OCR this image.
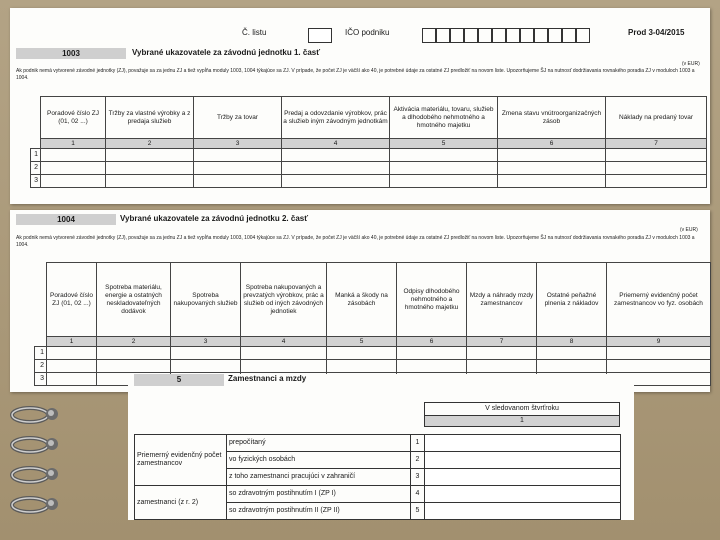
Č. listu	IČO podniku	Prod 3-04/2015
1003	Vybrané ukazovatele za závodnú jednotku 1. časť
(v EUR)
Ak podnik nemá vytvorené závodné jednotky (ZJ), považuje sa za jednu ZJ a tiež vypĺňa moduly 1003, 1004 týkajúce sa ZJ. V prípade, že počet ZJ je väčší ako 40, je potrebné údaje za ostatné ZJ predložiť na novom liste. Upozorňujeme ŠJ na nutnosť dodržiavania rovnakého poradia ZJ v moduloch 1003 a 1004.
	Poradové číslo ZJ (01, 02 ...)	Tržby za vlastné výrobky a z predaja služieb	Tržby za tovar	Predaj a odovzdanie výrobkov, prác a služieb iným závodným jednotkám	Aktivácia materiálu, tovaru, služieb a dlhodobého nehmotného a hmotného majetku	Zmena stavu vnútroorganizačných zásob	Náklady na predaný tovar
	1	2	3	4	5	6	7
1							
2							
3							
1004	Vybrané ukazovatele za závodnú jednotku 2. časť
(v EUR)
Ak podnik nemá vytvorené závodné jednotky (ZJ), považuje sa za jednu ZJ a tiež vypĺňa moduly 1003, 1004 týkajúce sa ZJ. V prípade, že počet ZJ je väčší ako 40, je potrebné údaje za ostatné ZJ predložiť na novom liste. Upozorňujeme ŠJ na nutnosť dodržiavania rovnakého poradia ZJ v moduloch 1003 a 1004.
	Poradové číslo ZJ (01, 02 ...)	Spotreba materiálu, energie a ostatných neskladovateľných dodávok	Spotreba nakupovaných služieb	Spotreba nakupovaných a prevzatých výrobkov, prác a služieb od iných závodných jednotiek	Manká a škody na zásobách	Odpisy dlhodobého nehmotného a hmotného majetku	Mzdy a náhrady mzdy zamestnancov	Ostatné peňažné plnenia z nákladov	Priemerný evidenčný počet zamestnancov vo fyz. osobách
	1	2	3	4	5	6	7	8	9
1									
2									
3										5	Zamestnanci a mzdy
V sledovanom štvrťroku
1
Priemerný evidenčný počet zamestnancov	prepočítaný	1	
	vo fyzických osobách	2	
	z toho zamestnanci pracujúci v zahraničí	3	
zamestnanci (z r. 2)	so zdravotným postihnutím I (ZP I)	4	
	so zdravotným postihnutím II (ZP II)	5	
